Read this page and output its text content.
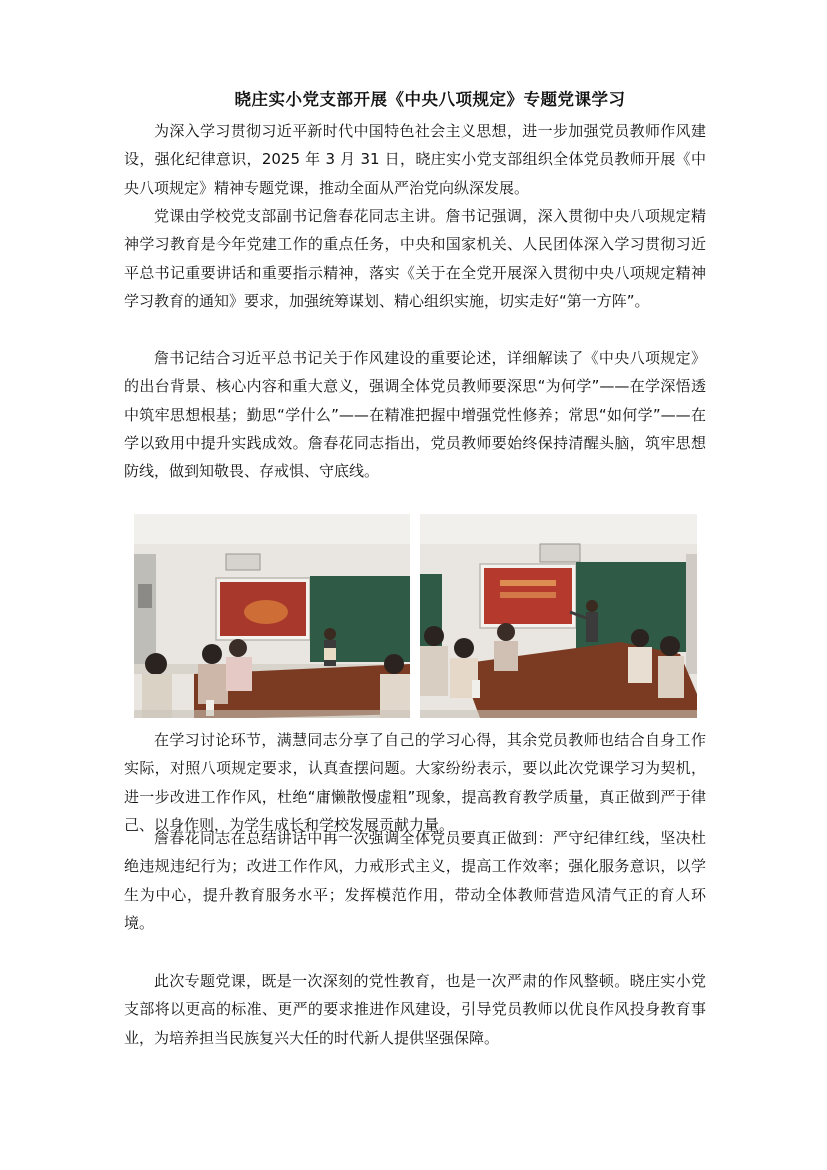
晓庄实小党支部开展《中央八项规定》专题党课学习

为深入学习贯彻习近平新时代中国特色社会主义思想，进一步加强党员教师作风建设，强化纪律意识，2025 年 3 月 31 日，晓庄实小党支部组织全体党员教师开展《中央八项规定》精神专题党课，推动全面从严治党向纵深发展。

党课由学校党支部副书记詹春花同志主讲。詹书记强调，深入贯彻中央八项规定精神学习教育是今年党建工作的重点任务，中央和国家机关、人民团体深入学习贯彻习近平总书记重要讲话和重要指示精神，落实《关于在全党开展深入贯彻中央八项规定精神学习教育的通知》要求，加强统筹谋划、精心组织实施，切实走好“第一方阵”。

詹书记结合习近平总书记关于作风建设的重要论述，详细解读了《中央八项规定》的出台背景、核心内容和重大意义，强调全体党员教师要深思“为何学”——在学深悟透中筑牢思想根基；勤思“学什么”——在精准把握中增强党性修养；常思“如何学”——在学以致用中提升实践成效。詹春花同志指出，党员教师要始终保持清醒头脑，筑牢思想防线，做到知敬畏、存戒惧、守底线。

在学习讨论环节，满慧同志分享了自己的学习心得，其余党员教师也结合自身工作实际，对照八项规定要求，认真查摆问题。大家纷纷表示，要以此次党课学习为契机，进一步改进工作作风，杜绝“庸懒散慢虚粗”现象，提高教育教学质量，真正做到严于律己、以身作则，为学生成长和学校发展贡献力量。

詹春花同志在总结讲话中再一次强调全体党员要真正做到：严守纪律红线，坚决杜绝违规违纪行为；改进工作作风，力戒形式主义，提高工作效率；强化服务意识，以学生为中心，提升教育服务水平；发挥模范作用，带动全体教师营造风清气正的育人环境。

此次专题党课，既是一次深刻的党性教育，也是一次严肃的作风整顿。晓庄实小党支部将以更高的标准、更严的要求推进作风建设，引导党员教师以优良作风投身教育事业，为培养担当民族复兴大任的时代新人提供坚强保障。
